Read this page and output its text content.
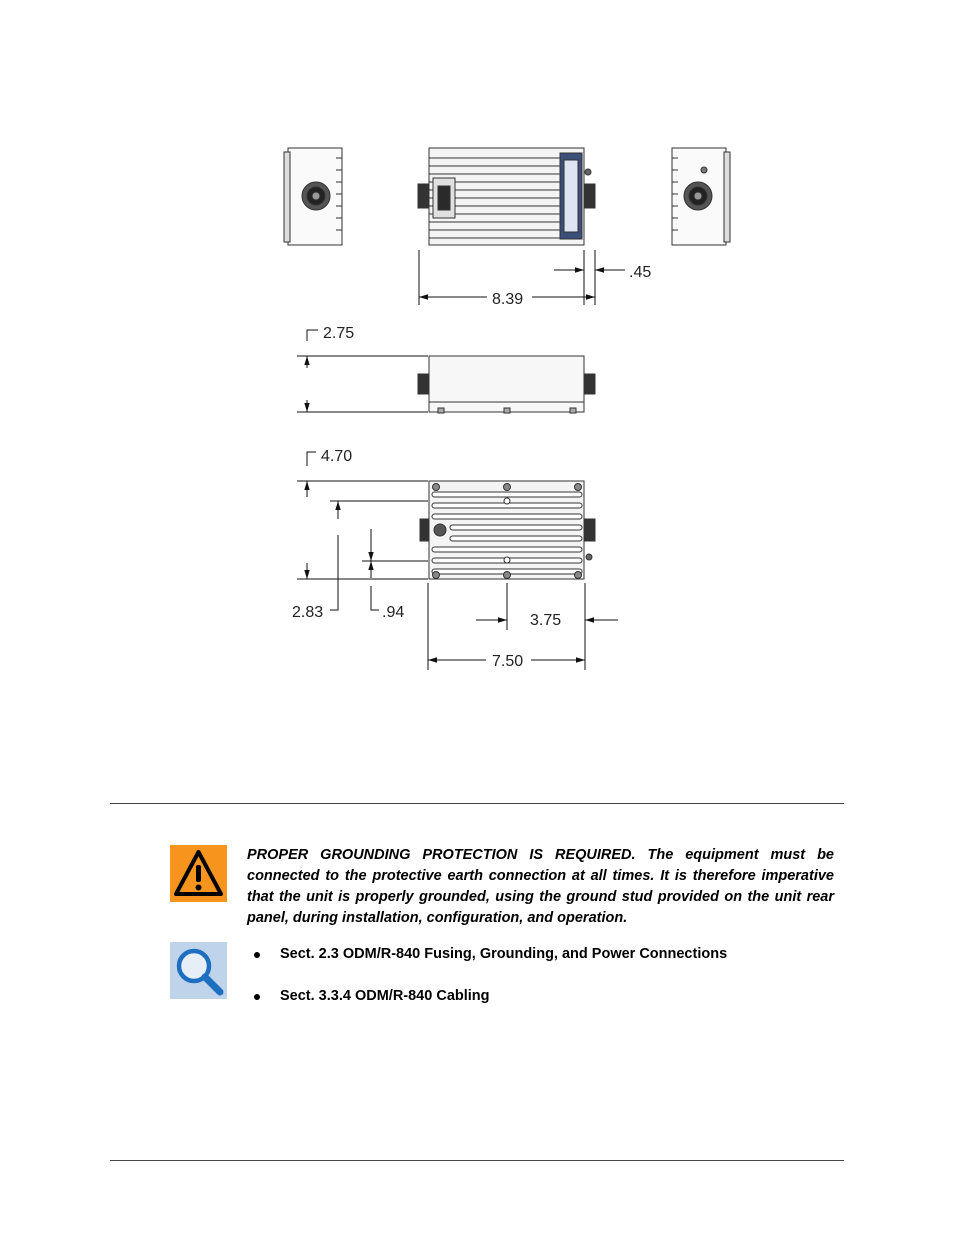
.45
8.39
2.75
4.70
2.83	.94	3.75
7.50
PROPER GROUNDING PROTECTION IS REQUIRED. The equipment must be connected to the protective earth connection at all times. It is therefore imperative that the unit is properly grounded, using the ground stud provided on the unit rear panel, during installation, configuration, and operation.
Sect. 2.3 ODM/R-840 Fusing, Grounding, and Power Connections
Sect. 3.3.4 ODM/R-840 Cabling
